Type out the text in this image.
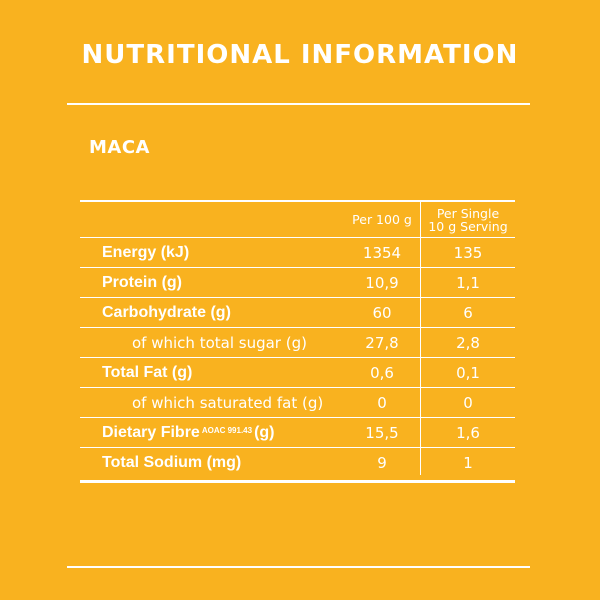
NUTRITIONAL INFORMATION
MACA
Per 100 g	Per Single
10 g Serving
Energy (kJ)	1354	135
Protein (g)	10,9	1,1
Carbohydrate (g)	60	6
of which total sugar (g)	27,8	2,8
Total Fat (g)	0,6	0,1
of which saturated fat (g)	0	0
Dietary Fibre AOAC 991.43 (g)	15,5	1,6
Total Sodium (mg)	9	1
